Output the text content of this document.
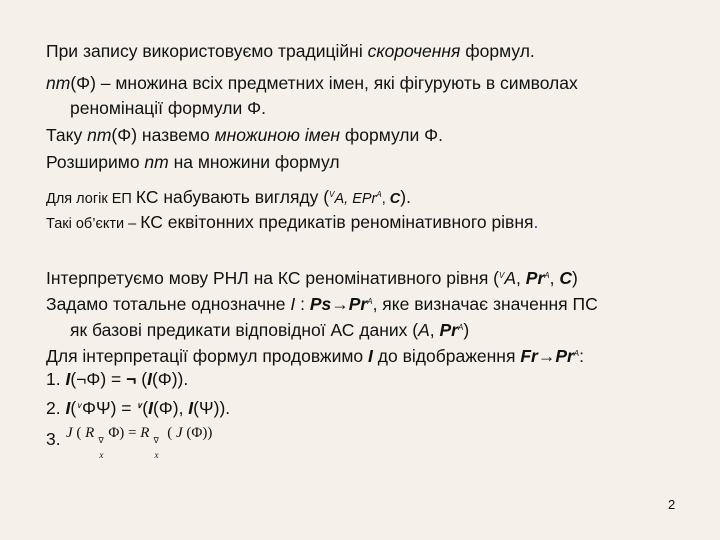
При запису використовуємо традиційні скорочення формул.
nm(Φ) – множина всіх предметних імен, які фігурують в символах
реномінації формули Φ.
Таку nm(Φ) назвемо множиною імен формули Φ.
Розширимо nm на множини формул
Для логік ЕП КС набувають вигляду ($^V$A, EPr$^A$, C).
Такі об’єкти – КС еквітонних предикатів реномінативного рівня.
Інтерпретуємо мову РНЛ на КС реномінативного рівня ($^V$A, $Pr^A$, C)
Задамо тотальне однозначне I : $Ps\to Pr^A$, яке визначає значення ПС
як базові предикати відповідної АС даних (A, $Pr^A$)
Для інтерпретації формул продовжимо I до відображення $Fr\to Pr^A$:
1. I(¬Φ) = ¬ (I(Φ)).
2. I(∨ΦΨ) = ∨(I(Φ), I(Ψ)).
3. J ( R ∇
x
Φ) = R ∇
x
( J (Φ))
2
